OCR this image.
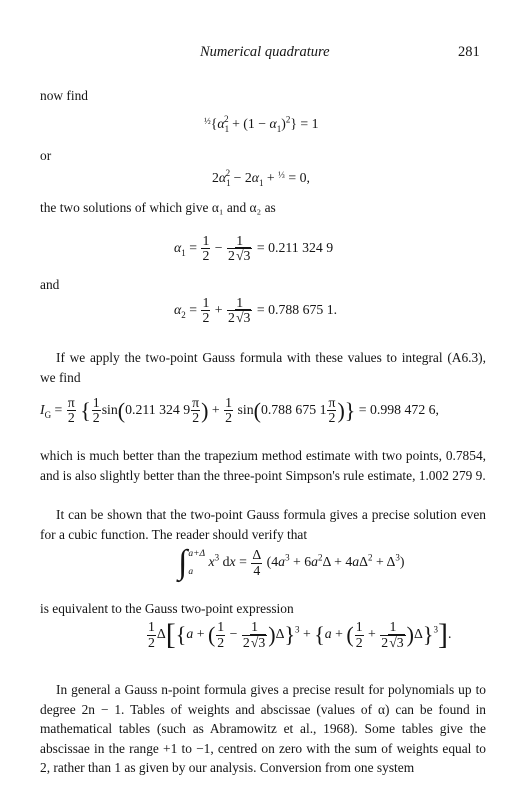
Numerical quadrature	281
now find
$^{\frac{1}{2}}\{\alpha_1^2 + (1 - \alpha_1)^2\} = 1$
or
$2\alpha_1^2 - 2\alpha_1 + ^{\frac{1}{3}} = 0$,
the two solutions of which give α₁ and α₂ as
$\alpha_1 = \frac{1}{2} - \frac{1}{2√3} = 0.211$ 324 9
and
$\alpha_2 = \frac{1}{2} + \frac{1}{2√3} = 0.788$ 675 1.

If we apply the two-point Gauss formula with these values to integral (A6.3), we find

$I_G = \frac{\pi}{2}$ { $\frac{1}{2} \sin(0.211$ 324 $9 \frac{\pi}{2}$ ) + $\frac{1}{2} \sin(0.788$ 675 $1 \frac{\pi}{2}$ )} = 0.998 472 6,

which is much better than the trapezium method estimate with two points, 0.7854, and is also slightly better than the three-point Simpson's rule estimate, 1.002 279 9.

It can be shown that the two-point Gauss formula gives a precise solution even for a cubic function. The reader should verify that

∫ a+Δ
a
$x^3$ dx = $\frac{\Delta}{4} (4a^3 + 6a^2\Delta + 4a\Delta^2 + \Delta^3)$
is equivalent to the Gauss two-point expression
$\frac{1}{2} \Delta[\{a$ + ( $\frac{1}{2} - \frac{1}{2√3} )\Delta\}^3 + \{a$ + ( $\frac{1}{2} + \frac{1}{2√3} )\Delta\}^3$].

In general a Gauss n-point formula gives a precise result for polynomials up to degree 2n − 1. Tables of weights and abscissae (values of α) can be found in mathematical tables (such as Abramowitz et al., 1968). Some tables give the abscissae in the range +1 to −1, centred on zero with the sum of weights equal to 2, rather than 1 as given by our analysis. Conversion from one system
